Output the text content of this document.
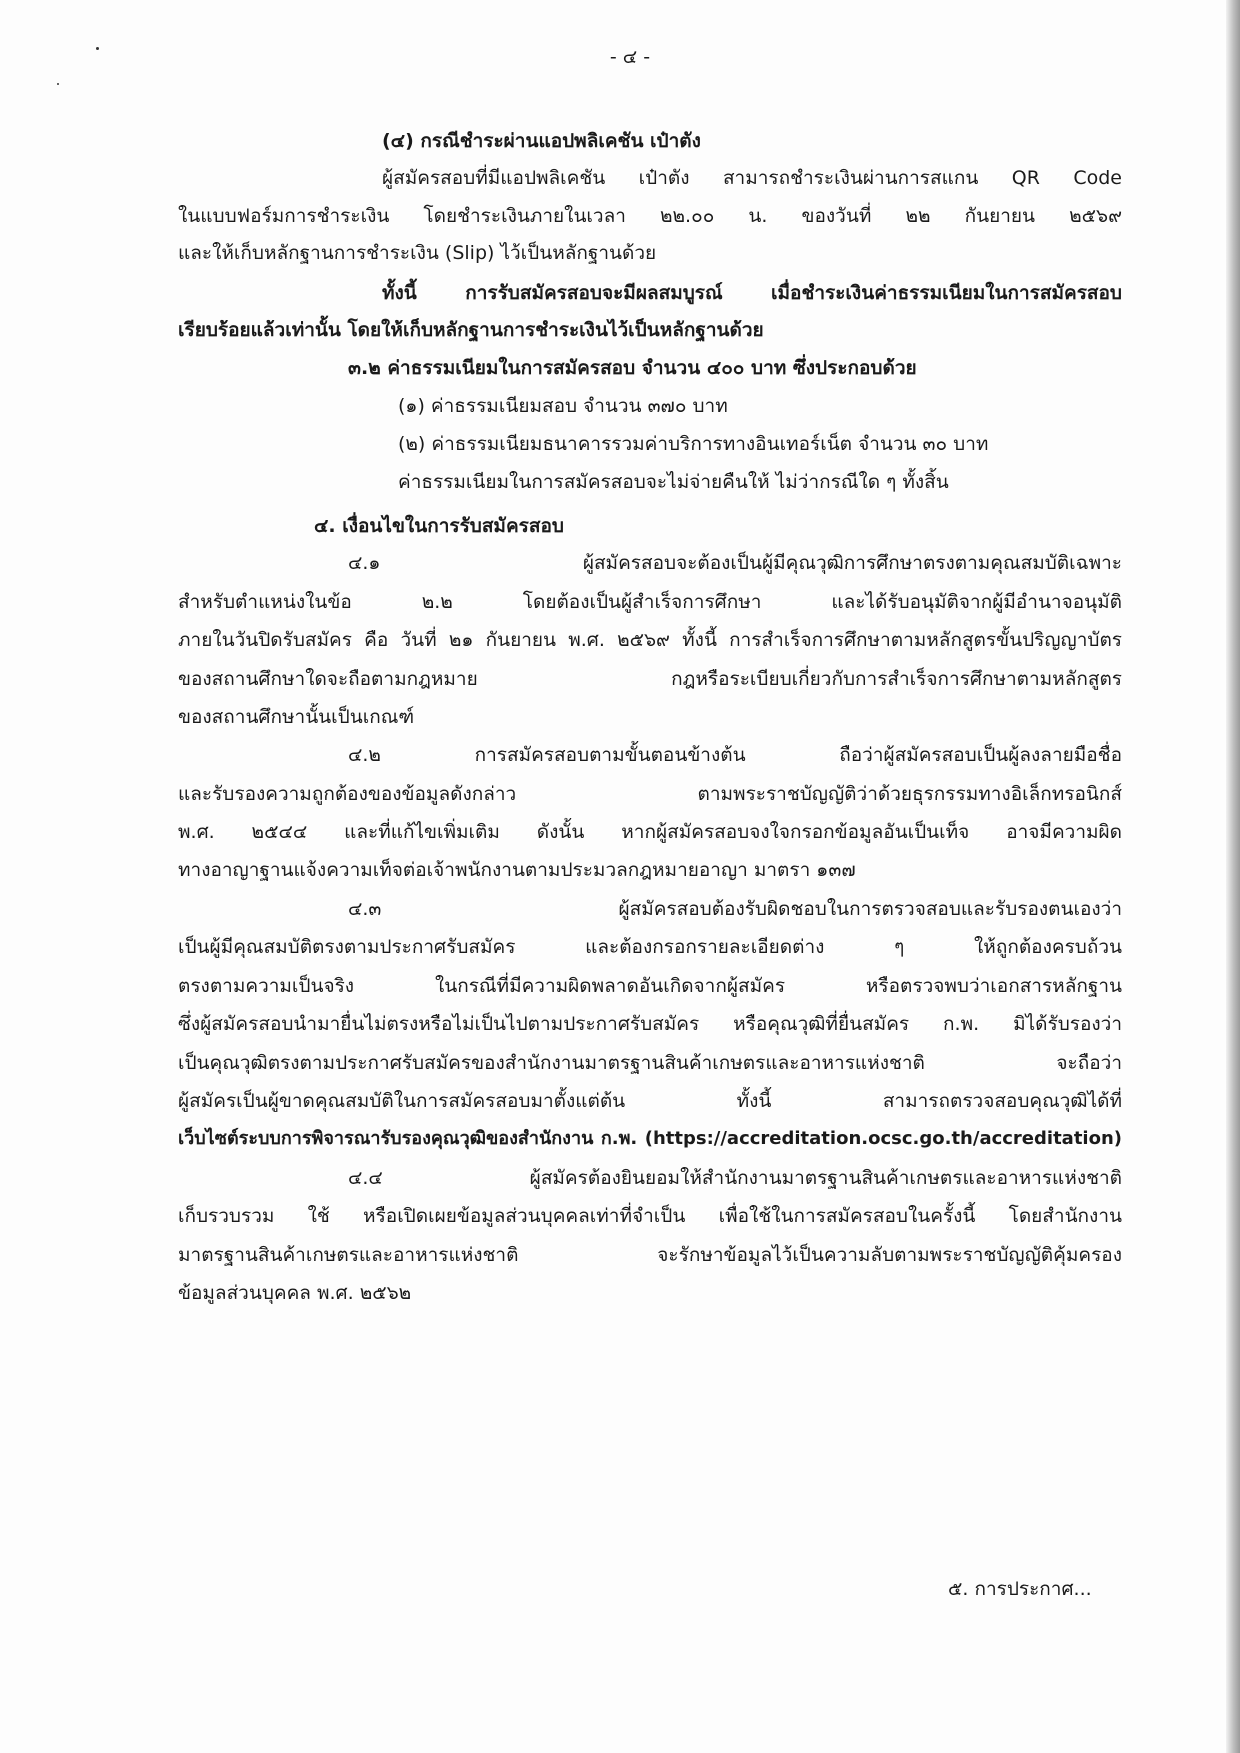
- ๔ -
(๔) กรณีชำระผ่านแอปพลิเคชัน เป๋าตัง
ผู้สมัครสอบที่มีแอปพลิเคชัน เป๋าตัง สามารถชำระเงินผ่านการสแกน QR Code
ในแบบฟอร์มการชำระเงิน โดยชำระเงินภายในเวลา ๒๒.๐๐ น. ของวันที่ ๒๒ กันยายน ๒๕๖๙
และให้เก็บหลักฐานการชำระเงิน (Slip) ไว้เป็นหลักฐานด้วย
ทั้งนี้ การรับสมัครสอบจะมีผลสมบูรณ์ เมื่อชำระเงินค่าธรรมเนียมในการสมัครสอบ
เรียบร้อยแล้วเท่านั้น โดยให้เก็บหลักฐานการชำระเงินไว้เป็นหลักฐานด้วย
๓.๒ ค่าธรรมเนียมในการสมัครสอบ จำนวน ๔๐๐ บาท ซึ่งประกอบด้วย
(๑) ค่าธรรมเนียมสอบ จำนวน ๓๗๐ บาท
(๒) ค่าธรรมเนียมธนาคารรวมค่าบริการทางอินเทอร์เน็ต จำนวน ๓๐ บาท
ค่าธรรมเนียมในการสมัครสอบจะไม่จ่ายคืนให้ ไม่ว่ากรณีใด ๆ ทั้งสิ้น
๔. เงื่อนไขในการรับสมัครสอบ
๔.๑ ผู้สมัครสอบจะต้องเป็นผู้มีคุณวุฒิการศึกษาตรงตามคุณสมบัติเฉพาะ
สำหรับตำแหน่งในข้อ ๒.๒ โดยต้องเป็นผู้สำเร็จการศึกษา และได้รับอนุมัติจากผู้มีอำนาจอนุมัติ
ภายในวันปิดรับสมัคร คือ วันที่ ๒๑ กันยายน พ.ศ. ๒๕๖๙ ทั้งนี้ การสำเร็จการศึกษาตามหลักสูตรขั้นปริญญาบัตร
ของสถานศึกษาใดจะถือตามกฎหมาย กฎหรือระเบียบเกี่ยวกับการสำเร็จการศึกษาตามหลักสูตร
ของสถานศึกษานั้นเป็นเกณฑ์
๔.๒ การสมัครสอบตามขั้นตอนข้างต้น ถือว่าผู้สมัครสอบเป็นผู้ลงลายมือชื่อ
และรับรองความถูกต้องของข้อมูลดังกล่าว ตามพระราชบัญญัติว่าด้วยธุรกรรมทางอิเล็กทรอนิกส์
พ.ศ. ๒๕๔๔ และที่แก้ไขเพิ่มเติม ดังนั้น หากผู้สมัครสอบจงใจกรอกข้อมูลอันเป็นเท็จ อาจมีความผิด
ทางอาญาฐานแจ้งความเท็จต่อเจ้าพนักงานตามประมวลกฎหมายอาญา มาตรา ๑๓๗
๔.๓ ผู้สมัครสอบต้องรับผิดชอบในการตรวจสอบและรับรองตนเองว่า
เป็นผู้มีคุณสมบัติตรงตามประกาศรับสมัคร และต้องกรอกรายละเอียดต่าง ๆ ให้ถูกต้องครบถ้วน
ตรงตามความเป็นจริง ในกรณีที่มีความผิดพลาดอันเกิดจากผู้สมัคร หรือตรวจพบว่าเอกสารหลักฐาน
ซึ่งผู้สมัครสอบนำมายื่นไม่ตรงหรือไม่เป็นไปตามประกาศรับสมัคร หรือคุณวุฒิที่ยื่นสมัคร ก.พ. มิได้รับรองว่า
เป็นคุณวุฒิตรงตามประกาศรับสมัครของสำนักงานมาตรฐานสินค้าเกษตรและอาหารแห่งชาติ จะถือว่า
ผู้สมัครเป็นผู้ขาดคุณสมบัติในการสมัครสอบมาตั้งแต่ต้น ทั้งนี้ สามารถตรวจสอบคุณวุฒิได้ที่
เว็บไซต์ระบบการพิจารณารับรองคุณวุฒิของสำนักงาน ก.พ. (https://accreditation.ocsc.go.th/accreditation)
๔.๔ ผู้สมัครต้องยินยอมให้สำนักงานมาตรฐานสินค้าเกษตรและอาหารแห่งชาติ
เก็บรวบรวม ใช้ หรือเปิดเผยข้อมูลส่วนบุคคลเท่าที่จำเป็น เพื่อใช้ในการสมัครสอบในครั้งนี้ โดยสำนักงาน
มาตรฐานสินค้าเกษตรและอาหารแห่งชาติ จะรักษาข้อมูลไว้เป็นความลับตามพระราชบัญญัติคุ้มครอง
ข้อมูลส่วนบุคคล พ.ศ. ๒๕๖๒
๕. การประกาศ...
